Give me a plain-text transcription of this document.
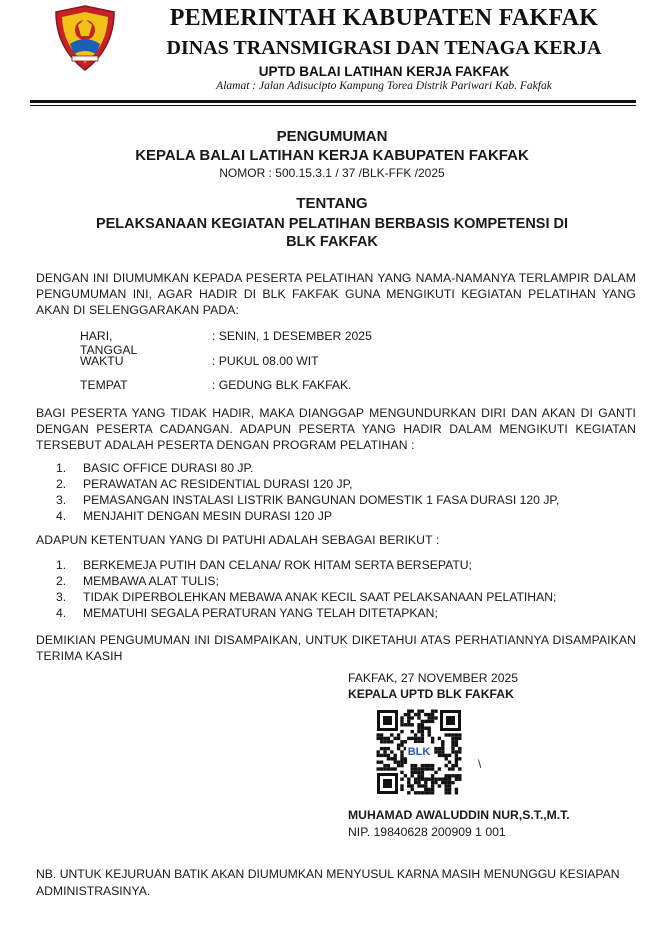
PEMERINTAH KABUPATEN FAKFAK
DINAS TRANSMIGRASI DAN TENAGA KERJA
UPTD BALAI LATIHAN KERJA FAKFAK
Alamat : Jalan Adisucipto Kampung Torea Distrik Pariwari Kab. Fakfak
PENGUMUMAN
KEPALA BALAI LATIHAN KERJA KABUPATEN FAKFAK
NOMOR : 500.15.3.1 / 37 /BLK-FFK /2025
TENTANG
PELAKSANAAN KEGIATAN PELATIHAN BERBASIS KOMPETENSI DI
BLK FAKFAK
DENGAN INI DIUMUMKAN KEPADA PESERTA PELATIHAN YANG NAMA-NAMANYA TERLAMPIR DALAM PENGUMUMAN INI, AGAR HADIR DI BLK FAKFAK GUNA MENGIKUTI KEGIATAN PELATIHAN YANG AKAN DI SELENGGARAKAN PADA:
HARI, TANGGAL
: SENIN, 1 DESEMBER 2025
WAKTU	: PUKUL 08.00 WIT
TEMPAT	: GEDUNG BLK FAKFAK.
BAGI PESERTA YANG TIDAK HADIR, MAKA DIANGGAP MENGUNDURKAN DIRI DAN AKAN DI GANTI DENGAN PESERTA CADANGAN. ADAPUN PESERTA YANG HADIR DALAM MENGIKUTI KEGIATAN TERSEBUT ADALAH PESERTA DENGAN PROGRAM PELATIHAN :
1. BASIC OFFICE DURASI 80 JP.
2. PERAWATAN AC RESIDENTIAL DURASI 120 JP,
3. PEMASANGAN INSTALASI LISTRIK BANGUNAN DOMESTIK 1 FASA DURASI 120 JP,
4. MENJAHIT DENGAN MESIN DURASI 120 JP
ADAPUN KETENTUAN YANG DI PATUHI ADALAH SEBAGAI BERIKUT :
1. BERKEMEJA PUTIH DAN CELANA/ ROK HITAM SERTA BERSEPATU;
2. MEMBAWA ALAT TULIS;
3. TIDAK DIPERBOLEHKAN MEBAWA ANAK KECIL SAAT PELAKSANAAN PELATIHAN;
4. MEMATUHI SEGALA PERATURAN YANG TELAH DITETAPKAN;
DEMIKIAN PENGUMUMAN INI DISAMPAIKAN, UNTUK DIKETAHUI ATAS PERHATIANNYA DISAMPAIKAN TERIMA KASIH
FAKFAK, 27 NOVEMBER 2025
KEPALA UPTD BLK FAKFAK
BLK
\
MUHAMAD AWALUDDIN NUR,S.T.,M.T.
NIP. 19840628 200909 1 001
NB. UNTUK KEJURUAN BATIK AKAN DIUMUMKAN MENYUSUL KARNA MASIH MENUNGGU KESIAPAN ADMINISTRASINYA.
